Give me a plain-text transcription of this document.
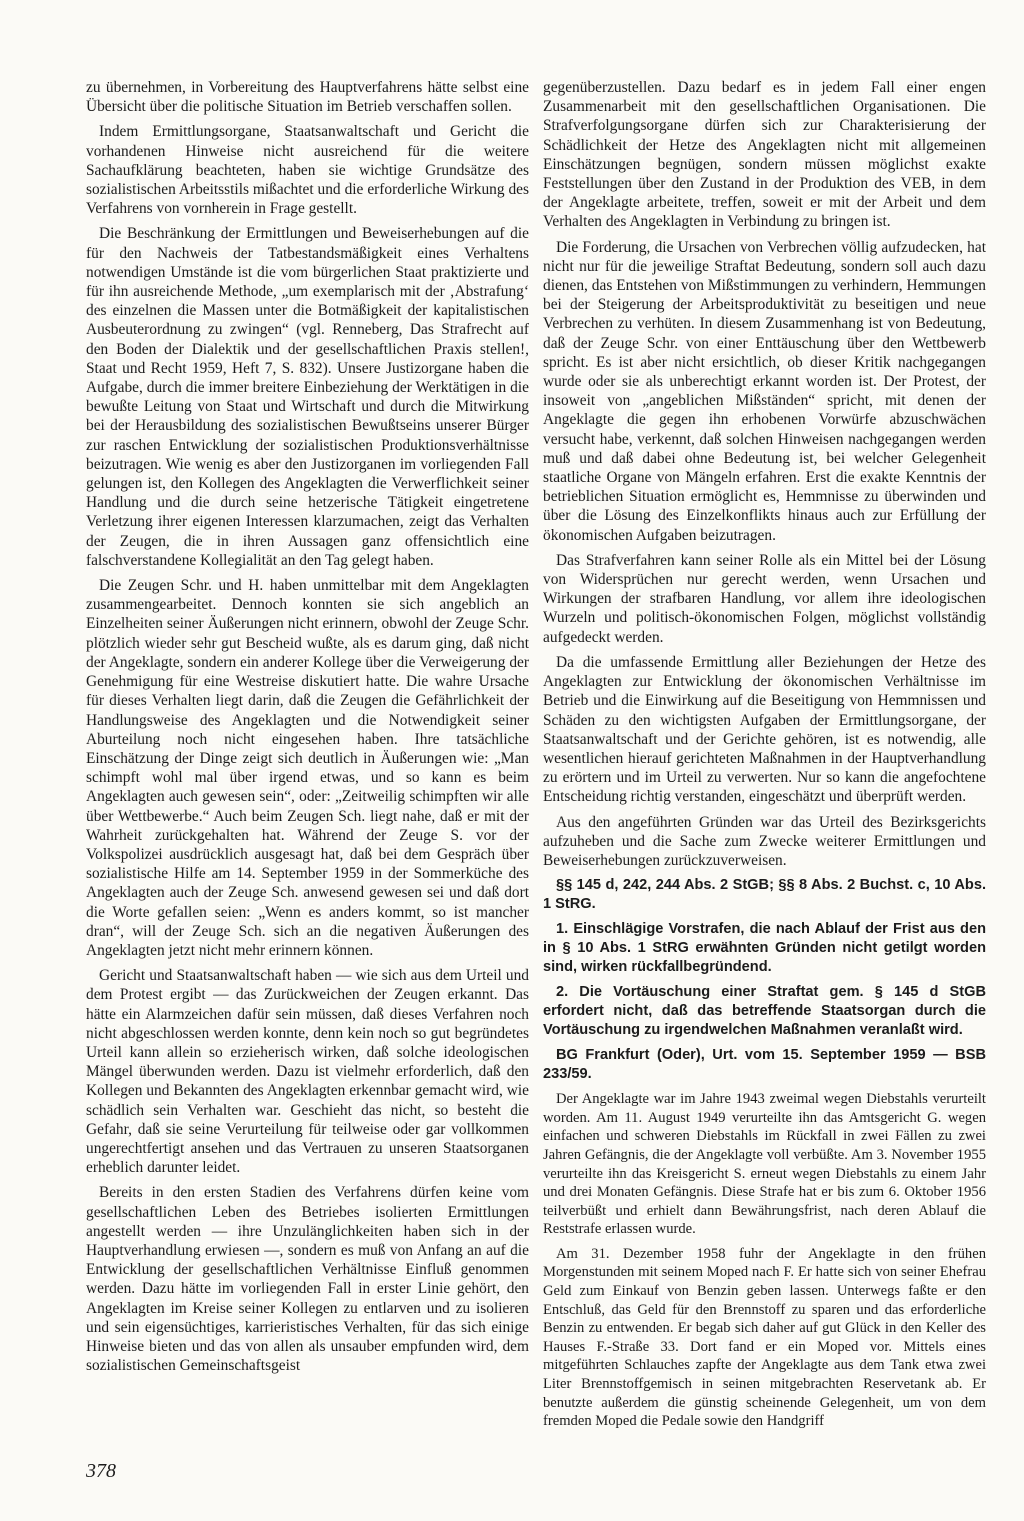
zu übernehmen, in Vorbereitung des Hauptverfahrens hätte selbst eine Übersicht über die politische Situation im Betrieb verschaffen sollen.

Indem Ermittlungsorgane, Staatsanwaltschaft und Gericht die vorhandenen Hinweise nicht ausreichend für die weitere Sachaufklärung beachteten, haben sie wichtige Grundsätze des sozialistischen Arbeitsstils mißachtet und die erforderliche Wirkung des Verfahrens von vornherein in Frage gestellt.

Die Beschränkung der Ermittlungen und Beweiserhebungen auf die für den Nachweis der Tatbestandsmäßigkeit eines Verhaltens notwendigen Umstände ist die vom bürgerlichen Staat praktizierte und für ihn ausreichende Methode, „um exemplarisch mit der ‚Abstrafung‘ des einzelnen die Massen unter die Botmäßigkeit der kapitalistischen Ausbeuterordnung zu zwingen“ (vgl. Renneberg, Das Strafrecht auf den Boden der Dialektik und der gesellschaftlichen Praxis stellen!, Staat und Recht 1959, Heft 7, S. 832). Unsere Justizorgane haben die Aufgabe, durch die immer breitere Einbeziehung der Werktätigen in die bewußte Leitung von Staat und Wirtschaft und durch die Mitwirkung bei der Herausbildung des sozialistischen Bewußtseins unserer Bürger zur raschen Entwicklung der sozialistischen Produktionsverhältnisse beizutragen. Wie wenig es aber den Justizorganen im vorliegenden Fall gelungen ist, den Kollegen des Angeklagten die Verwerflichkeit seiner Handlung und die durch seine hetzerische Tätigkeit eingetretene Verletzung ihrer eigenen Interessen klarzumachen, zeigt das Verhalten der Zeugen, die in ihren Aussagen ganz offensichtlich eine falschverstandene Kollegialität an den Tag gelegt haben.

Die Zeugen Schr. und H. haben unmittelbar mit dem Angeklagten zusammengearbeitet. Dennoch konnten sie sich angeblich an Einzelheiten seiner Äußerungen nicht erinnern, obwohl der Zeuge Schr. plötzlich wieder sehr gut Bescheid wußte, als es darum ging, daß nicht der Angeklagte, sondern ein anderer Kollege über die Verweigerung der Genehmigung für eine Westreise diskutiert hatte. Die wahre Ursache für dieses Verhalten liegt darin, daß die Zeugen die Gefährlichkeit der Handlungsweise des Angeklagten und die Notwendigkeit seiner Aburteilung noch nicht eingesehen haben. Ihre tatsächliche Einschätzung der Dinge zeigt sich deutlich in Äußerungen wie: „Man schimpft wohl mal über irgend etwas, und so kann es beim Angeklagten auch gewesen sein“, oder: „Zeitweilig schimpften wir alle über Wettbewerbe.“ Auch beim Zeugen Sch. liegt nahe, daß er mit der Wahrheit zurückgehalten hat. Während der Zeuge S. vor der Volkspolizei ausdrücklich ausgesagt hat, daß bei dem Gespräch über sozialistische Hilfe am 14. September 1959 in der Sommerküche des Angeklagten auch der Zeuge Sch. anwesend gewesen sei und daß dort die Worte gefallen seien: „Wenn es anders kommt, so ist mancher dran“, will der Zeuge Sch. sich an die negativen Äußerungen des Angeklagten jetzt nicht mehr erinnern können.

Gericht und Staatsanwaltschaft haben — wie sich aus dem Urteil und dem Protest ergibt — das Zurückweichen der Zeugen erkannt. Das hätte ein Alarmzeichen dafür sein müssen, daß dieses Verfahren noch nicht abgeschlossen werden konnte, denn kein noch so gut begründetes Urteil kann allein so erzieherisch wirken, daß solche ideologischen Mängel überwunden werden. Dazu ist vielmehr erforderlich, daß den Kollegen und Bekannten des Angeklagten erkennbar gemacht wird, wie schädlich sein Verhalten war. Geschieht das nicht, so besteht die Gefahr, daß sie seine Verurteilung für teilweise oder gar vollkommen ungerechtfertigt ansehen und das Vertrauen zu unseren Staatsorganen erheblich darunter leidet.

Bereits in den ersten Stadien des Verfahrens dürfen keine vom gesellschaftlichen Leben des Betriebes isolierten Ermittlungen angestellt werden — ihre Unzulänglichkeiten haben sich in der Hauptverhandlung erwiesen —, sondern es muß von Anfang an auf die Entwicklung der gesellschaftlichen Verhältnisse Einfluß genommen werden. Dazu hätte im vorliegenden Fall in erster Linie gehört, den Angeklagten im Kreise seiner Kollegen zu entlarven und zu isolieren und sein eigensüchtiges, karrieristisches Verhalten, für das sich einige Hinweise bieten und das von allen als unsauber empfunden wird, dem sozialistischen Gemeinschaftsgeist

gegenüberzustellen. Dazu bedarf es in jedem Fall einer engen Zusammenarbeit mit den gesellschaftlichen Organisationen. Die Strafverfolgungsorgane dürfen sich zur Charakterisierung der Schädlichkeit der Hetze des Angeklagten nicht mit allgemeinen Einschätzungen begnügen, sondern müssen möglichst exakte Feststellungen über den Zustand in der Produktion des VEB, in dem der Angeklagte arbeitete, treffen, soweit er mit der Arbeit und dem Verhalten des Angeklagten in Verbindung zu bringen ist.

Die Forderung, die Ursachen von Verbrechen völlig aufzudecken, hat nicht nur für die jeweilige Straftat Bedeutung, sondern soll auch dazu dienen, das Entstehen von Mißstimmungen zu verhindern, Hemmungen bei der Steigerung der Arbeitsproduktivität zu beseitigen und neue Verbrechen zu verhüten. In diesem Zusammenhang ist von Bedeutung, daß der Zeuge Schr. von einer Enttäuschung über den Wettbewerb spricht. Es ist aber nicht ersichtlich, ob dieser Kritik nachgegangen wurde oder sie als unberechtigt erkannt worden ist. Der Protest, der insoweit von „angeblichen Mißständen“ spricht, mit denen der Angeklagte die gegen ihn erhobenen Vorwürfe abzuschwächen versucht habe, verkennt, daß solchen Hinweisen nachgegangen werden muß und daß dabei ohne Bedeutung ist, bei welcher Gelegenheit staatliche Organe von Mängeln erfahren. Erst die exakte Kenntnis der betrieblichen Situation ermöglicht es, Hemmnisse zu überwinden und über die Lösung des Einzelkonflikts hinaus auch zur Erfüllung der ökonomischen Aufgaben beizutragen.

Das Strafverfahren kann seiner Rolle als ein Mittel bei der Lösung von Widersprüchen nur gerecht werden, wenn Ursachen und Wirkungen der strafbaren Handlung, vor allem ihre ideologischen Wurzeln und politisch-ökonomischen Folgen, möglichst vollständig aufgedeckt werden.

Da die umfassende Ermittlung aller Beziehungen der Hetze des Angeklagten zur Entwicklung der ökonomischen Verhältnisse im Betrieb und die Einwirkung auf die Beseitigung von Hemmnissen und Schäden zu den wichtigsten Aufgaben der Ermittlungsorgane, der Staatsanwaltschaft und der Gerichte gehören, ist es notwendig, alle wesentlichen hierauf gerichteten Maßnahmen in der Hauptverhandlung zu erörtern und im Urteil zu verwerten. Nur so kann die angefochtene Entscheidung richtig verstanden, eingeschätzt und überprüft werden.

Aus den angeführten Gründen war das Urteil des Bezirksgerichts aufzuheben und die Sache zum Zwecke weiterer Ermittlungen und Beweiserhebungen zurückzuverweisen.

§§ 145 d, 242, 244 Abs. 2 StGB; §§ 8 Abs. 2 Buchst. c, 10 Abs. 1 StRG.

1. Einschlägige Vorstrafen, die nach Ablauf der Frist aus den in § 10 Abs. 1 StRG erwähnten Gründen nicht getilgt worden sind, wirken rückfallbegründend.

2. Die Vortäuschung einer Straftat gem. § 145 d StGB erfordert nicht, daß das betreffende Staatsorgan durch die Vortäuschung zu irgendwelchen Maßnahmen veranlaßt wird.

BG Frankfurt (Oder), Urt. vom 15. September 1959 — BSB 233/59.

Der Angeklagte war im Jahre 1943 zweimal wegen Diebstahls verurteilt worden. Am 11. August 1949 verurteilte ihn das Amtsgericht G. wegen einfachen und schweren Diebstahls im Rückfall in zwei Fällen zu zwei Jahren Gefängnis, die der Angeklagte voll verbüßte. Am 3. November 1955 verurteilte ihn das Kreisgericht S. erneut wegen Diebstahls zu einem Jahr und drei Monaten Gefängnis. Diese Strafe hat er bis zum 6. Oktober 1956 teilverbüßt und erhielt dann Bewährungsfrist, nach deren Ablauf die Reststrafe erlassen wurde.

Am 31. Dezember 1958 fuhr der Angeklagte in den frühen Morgenstunden mit seinem Moped nach F. Er hatte sich von seiner Ehefrau Geld zum Einkauf von Benzin geben lassen. Unterwegs faßte er den Entschluß, das Geld für den Brennstoff zu sparen und das erforderliche Benzin zu entwenden. Er begab sich daher auf gut Glück in den Keller des Hauses F.-Straße 33. Dort fand er ein Moped vor. Mittels eines mitgeführten Schlauches zapfte der Angeklagte aus dem Tank etwa zwei Liter Brennstoffgemisch in seinen mitgebrachten Reservetank ab. Er benutzte außerdem die günstig scheinende Gelegenheit, um von dem fremden Moped die Pedale sowie den Handgriff

378
